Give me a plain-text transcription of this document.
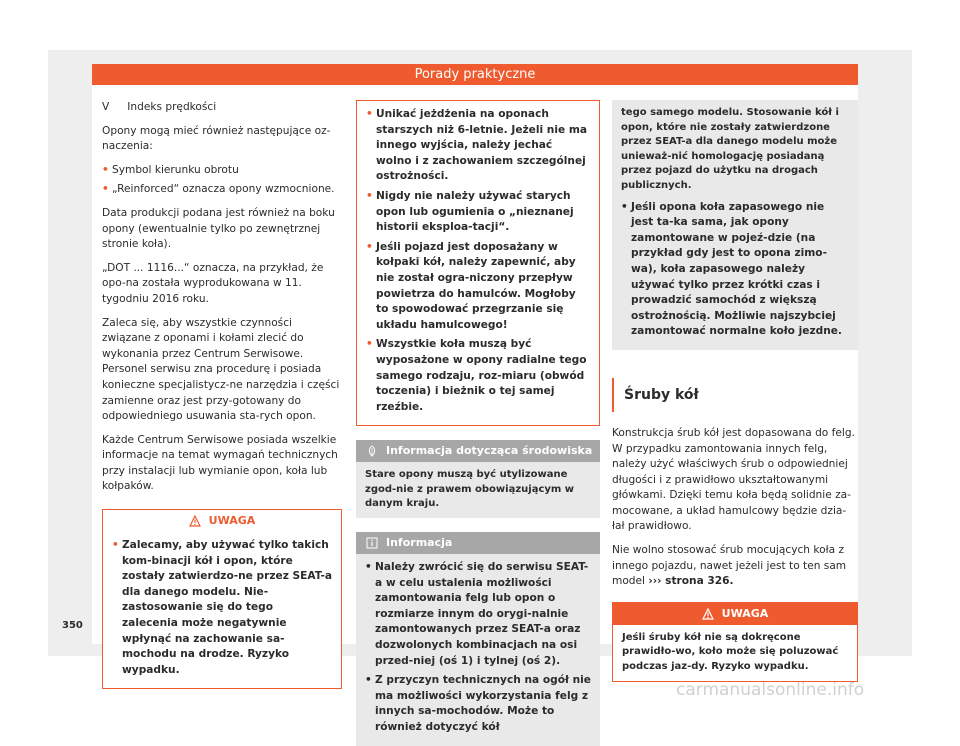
Porady praktyczne

V Indeks prędkości

Opony mogą mieć również następujące oz-naczenia:

• Symbol kierunku obrotu
• „Reinforced“ oznacza opony wzmocnione.

Data produkcji podana jest również na boku opony (ewentualnie tylko po zewnętrznej stronie koła).

„DOT ... 1116...“ oznacza, na przykład, że opo-na została wyprodukowana w 11. tygodniu 2016 roku.

Zaleca się, aby wszystkie czynności związane z oponami i kołami zlecić do wykonania przez Centrum Serwisowe. Personel serwisu zna procedurę i posiada konieczne specjalistycz-ne narzędzia i części zamienne oraz jest przy-gotowany do odpowiedniego usuwania sta-rych opon.

Każde Centrum Serwisowe posiada wszelkie informacje na temat wymagań technicznych przy instalacji lub wymianie opon, koła lub kołpaków.

UWAGA
• Zalecamy, aby używać tylko takich kom-binacji kół i opon, które zostały zatwierdzo-ne przez SEAT-a dla danego modelu. Nie-zastosowanie się do tego zalecenia może negatywnie wpłynąć na zachowanie sa-mochodu na drodze. Ryzyko wypadku.
• Unikać jeżdżenia na oponach starszych niż 6-letnie. Jeżeli nie ma innego wyjścia, należy jechać wolno i z zachowaniem szczególnej ostrożności.
• Nigdy nie należy używać starych opon lub ogumienia o „nieznanej historii eksploa-tacji“.
• Jeśli pojazd jest doposażany w kołpaki kół, należy zapewnić, aby nie został ogra-niczony przepływ powietrza do hamulców. Mogłoby to spowodować przegrzanie się układu hamulcowego!
• Wszystkie koła muszą być wyposażone w opony radialne tego samego rodzaju, roz-miaru (obwód toczenia) i bieżnik o tej samej rzeźbie.
Informacja dotycząca środowiska

Stare opony muszą być utylizowane zgod-nie z prawem obowiązującym w danym kraju.

Informacja
• Należy zwrócić się do serwisu SEAT-a w celu ustalenia możliwości zamontowania felg lub opon o rozmiarze innym do orygi-nalnie zamontowanych przez SEAT-a oraz dozwolonych kombinacjach na osi przed-niej (oś 1) i tylnej (oś 2).
• Z przyczyn technicznych na ogół nie ma możliwości wykorzystania felg z innych sa-mochodów. Może to również dotyczyć kół

tego samego modelu. Stosowanie kół i opon, które nie zostały zatwierdzone przez SEAT-a dla danego modelu może unieważ-nić homologację posiadaną przez pojazd do użytku na drogach publicznych.

• Jeśli opona koła zapasowego nie jest ta-ka sama, jak opony zamontowane w pojeź-dzie (na przykład gdy jest to opona zimo-wa), koła zapasowego należy używać tylko przez krótki czas i prowadzić samochód z większą ostrożnością. Możliwie najszybciej zamontować normalne koło jezdne.
Śruby kół

Konstrukcja śrub kół jest dopasowana do felg. W przypadku zamontowania innych felg, należy użyć właściwych śrub o odpowiedniej długości i z prawidłowo ukształtowanymi główkami. Dzięki temu koła będą solidnie za-mocowane, a układ hamulcowy będzie dzia-łał prawidłowo.

Nie wolno stosować śrub mocujących koła z innego pojazdu, nawet jeżeli jest to ten sam model ››› strona 326.

UWAGA

Jeśli śruby kół nie są dokręcone prawidło-wo, koło może się poluzować podczas jaz-dy. Ryzyko wypadku.

350
carmanualsonline.info
